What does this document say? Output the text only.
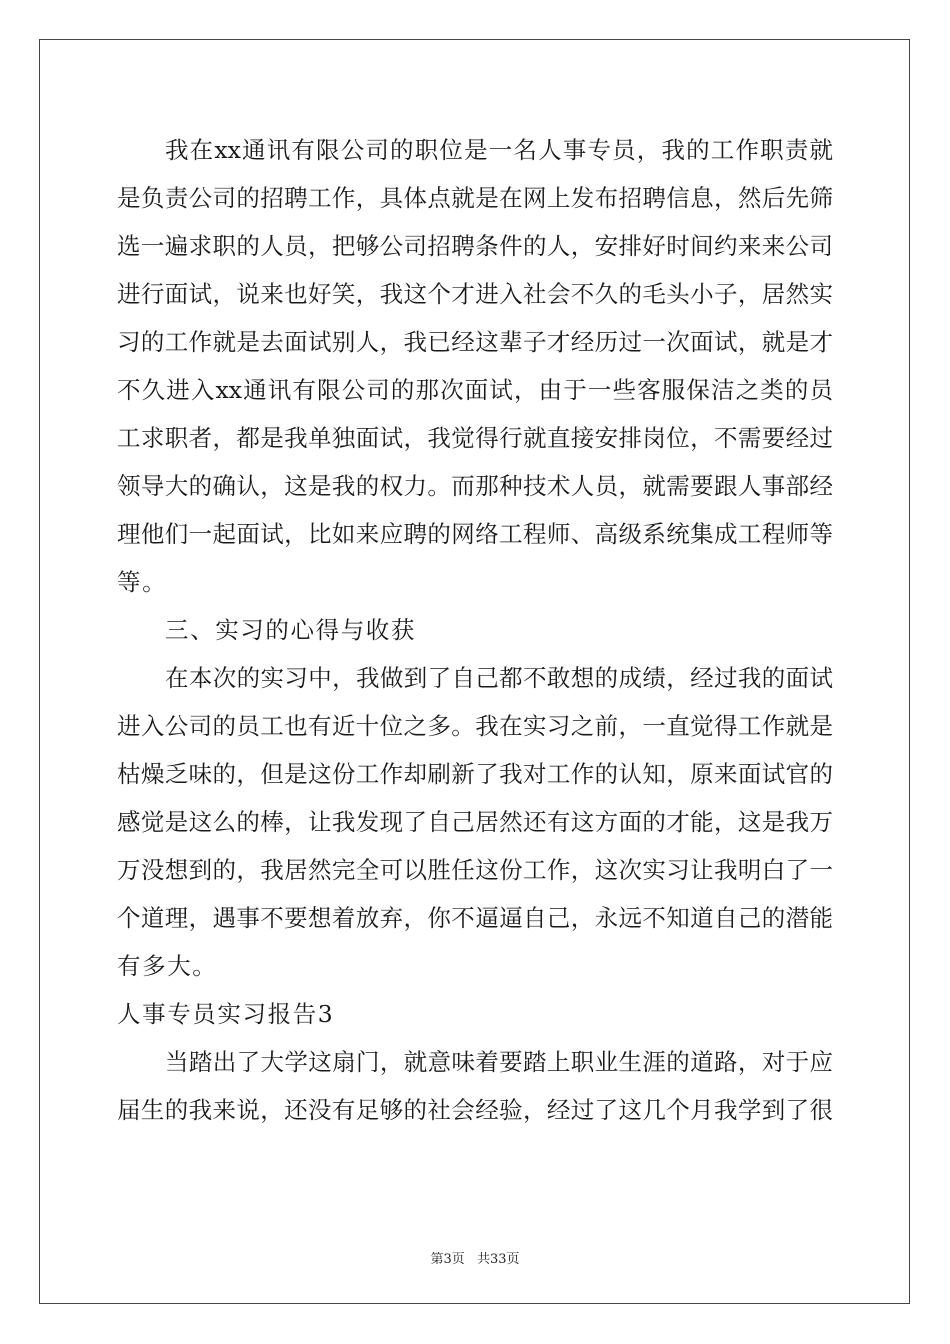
我在xx通讯有限公司的职位是一名人事专员，我的工作职责就
是负责公司的招聘工作，具体点就是在网上发布招聘信息，然后先筛
选一遍求职的人员，把够公司招聘条件的人，安排好时间约来来公司
进行面试，说来也好笑，我这个才进入社会不久的毛头小子，居然实
习的工作就是去面试别人，我已经这辈子才经历过一次面试，就是才
不久进入xx通讯有限公司的那次面试，由于一些客服保洁之类的员
工求职者，都是我单独面试，我觉得行就直接安排岗位，不需要经过
领导大的确认，这是我的权力。而那种技术人员，就需要跟人事部经
理他们一起面试，比如来应聘的网络工程师、高级系统集成工程师等
等。
三、实习的心得与收获
在本次的实习中，我做到了自己都不敢想的成绩，经过我的面试
进入公司的员工也有近十位之多。我在实习之前，一直觉得工作就是
枯燥乏味的，但是这份工作却刷新了我对工作的认知，原来面试官的
感觉是这么的棒，让我发现了自己居然还有这方面的才能，这是我万
万没想到的，我居然完全可以胜任这份工作，这次实习让我明白了一
个道理，遇事不要想着放弃，你不逼逼自己，永远不知道自己的潜能
有多大。
人事专员实习报告3
当踏出了大学这扇门，就意味着要踏上职业生涯的道路，对于应
届生的我来说，还没有足够的社会经验，经过了这几个月我学到了很
第3页 共33页
